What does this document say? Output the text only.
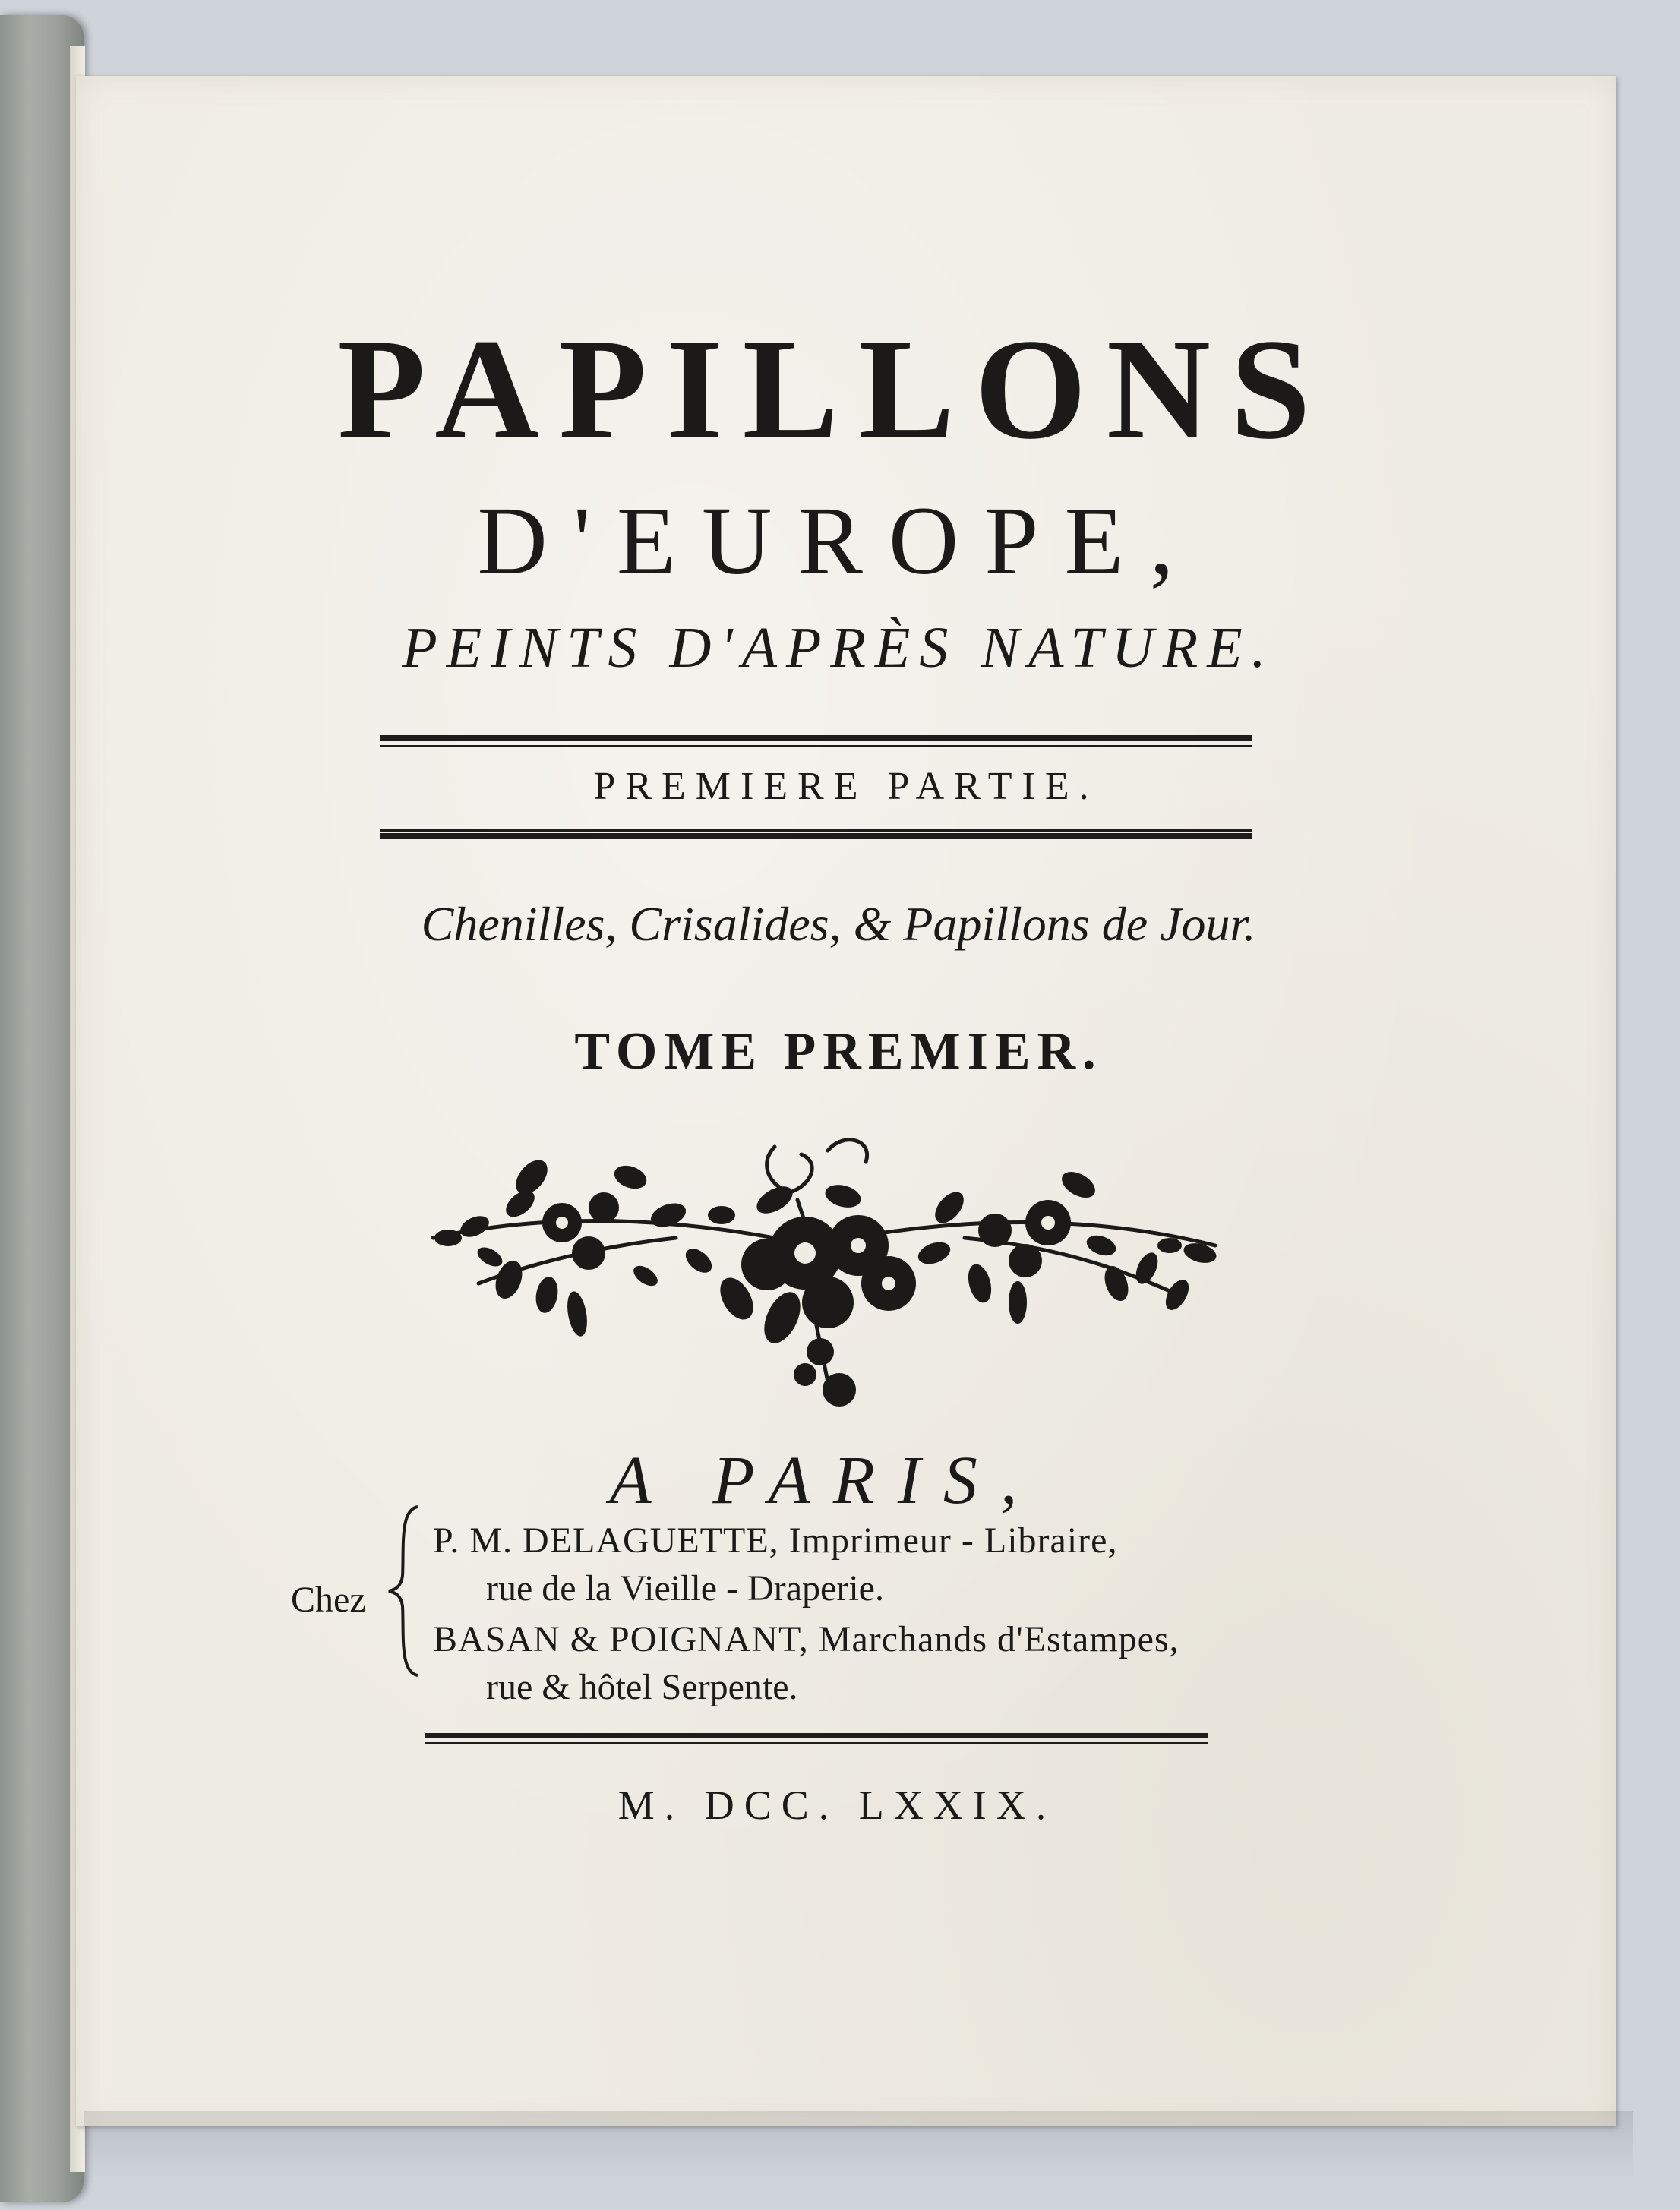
PAPILLONS
D'EUROPE,
PEINTS D'APRÈS NATURE.
PREMIERE PARTIE.
Chenilles, Crisalides, & Papillons de Jour.
TOME PREMIER.
A PARIS,
Chez
P. M. DELAGUETTE, Imprimeur - Libraire,
rue de la Vieille - Draperie.
BASAN & POIGNANT, Marchands d'Estampes,
rue & hôtel Serpente.
M. DCC. LXXIX.
